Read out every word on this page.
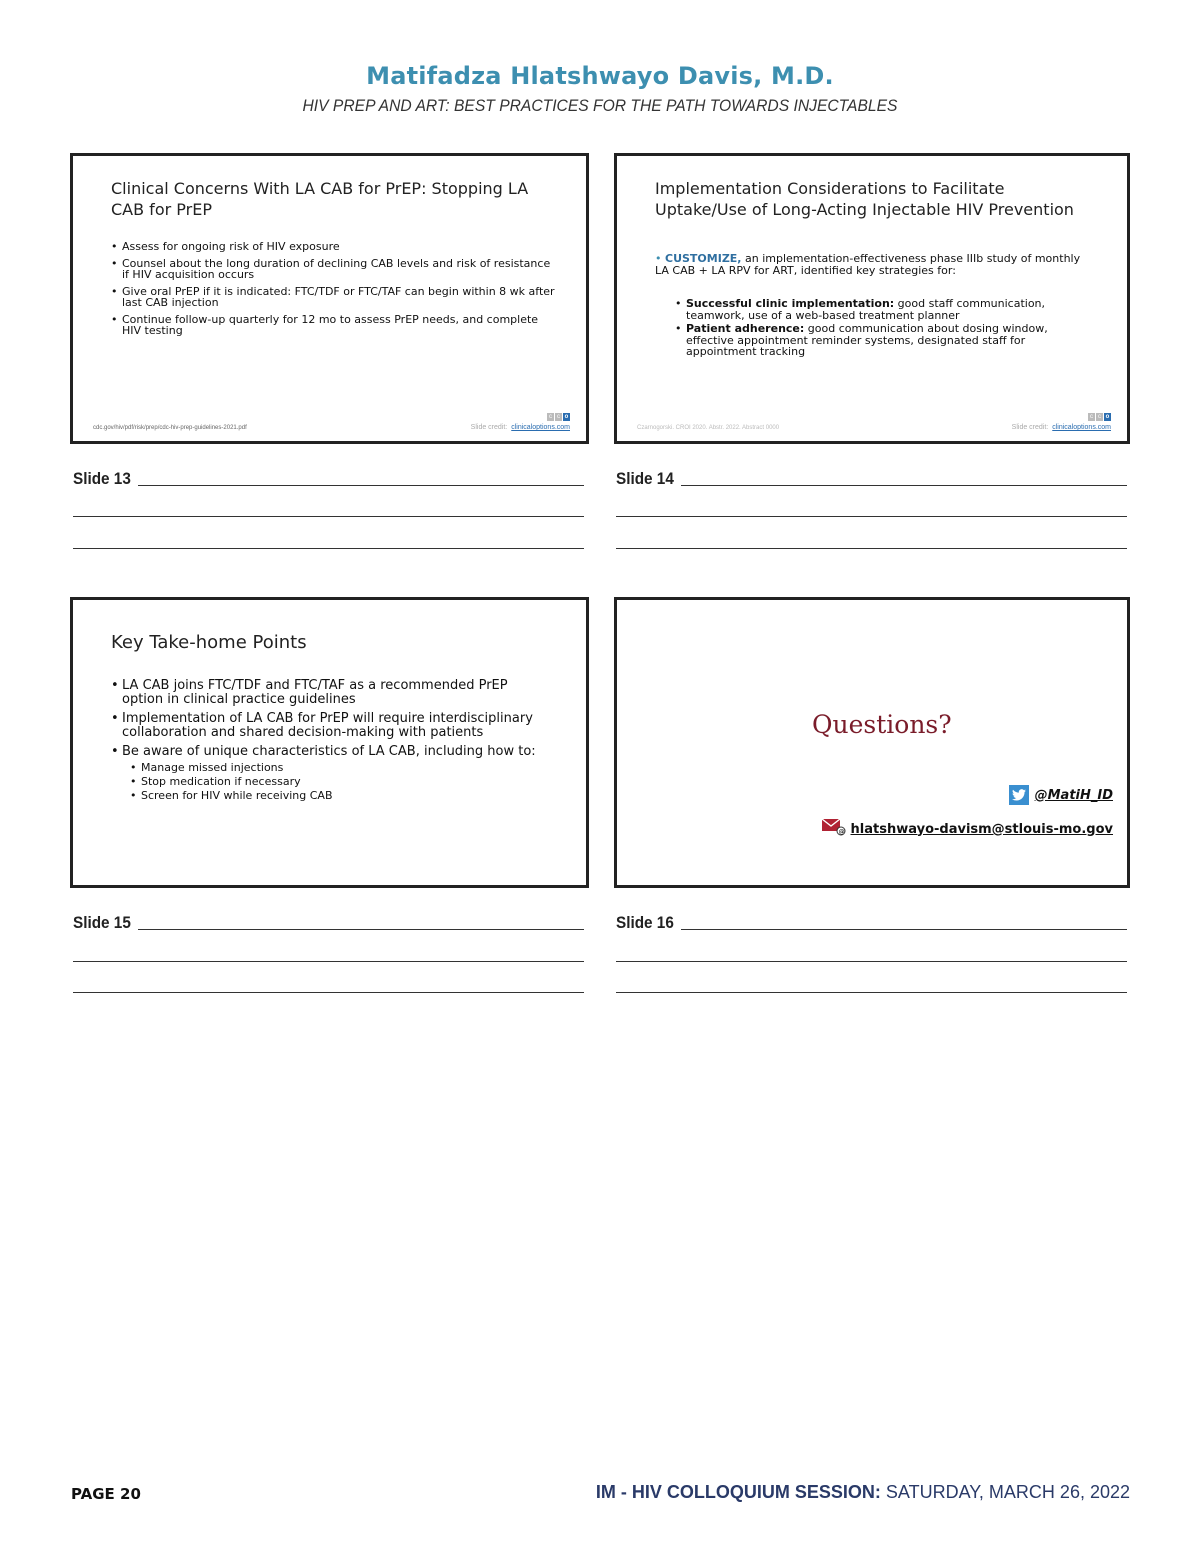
Matifadza Hlatshwayo Davis, M.D.
HIV PREP AND ART: BEST PRACTICES FOR THE PATH TOWARDS INJECTABLES
Clinical Concerns With LA CAB for PrEP: Stopping LA CAB for PrEP
• Assess for ongoing risk of HIV exposure
• Counsel about the long duration of declining CAB levels and risk of resistance if HIV acquisition occurs
• Give oral PrEP if it is indicated: FTC/TDF or FTC/TAF can begin within 8 wk after last CAB injection
• Continue follow-up quarterly for 12 mo to assess PrEP needs, and complete HIV testing
cdc.gov/hiv/pdf/risk/prep/cdc-hiv-prep-guidelines-2021.pdf
c c o
Slide credit: clinicaloptions.com
Implementation Considerations to Facilitate Uptake/Use of Long-Acting Injectable HIV Prevention
• CUSTOMIZE, an implementation-effectiveness phase IIIb study of monthly LA CAB + LA RPV for ART, identified key strategies for:
• Successful clinic implementation: good staff communication, teamwork, use of a web-based treatment planner
• Patient adherence: good communication about dosing window, effective appointment reminder systems, designated staff for appointment tracking
Czarnogorski. CROI 2020. Abstr. 2022. Abstract 0000
c c o
Slide credit: clinicaloptions.com
Slide 13	Slide 14
Key Take-home Points
• LA CAB joins FTC/TDF and FTC/TAF as a recommended PrEP option in clinical practice guidelines
• Implementation of LA CAB for PrEP will require interdisciplinary collaboration and shared decision-making with patients
• Be aware of unique characteristics of LA CAB, including how to:
• Manage missed injections
• Stop medication if necessary
• Screen for HIV while receiving CAB
Questions?
@MatiH_ID
@ hlatshwayo-davism@stlouis-mo.gov
Slide 15	Slide 16
PAGE 20	IM - HIV COLLOQUIUM SESSION: SATURDAY, MARCH 26, 2022
